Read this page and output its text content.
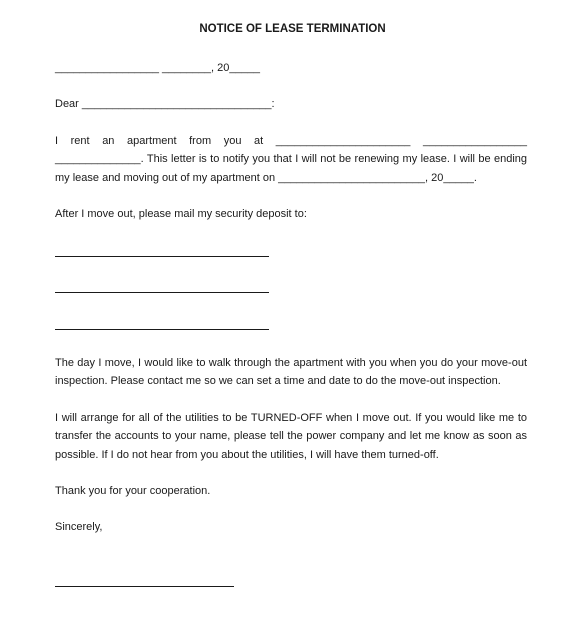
NOTICE OF LEASE TERMINATION
_________________ ________, 20_____
Dear _______________________________:
I rent an apartment from you at ______________________ _________________
______________. This letter is to notify you that I will not be renewing my lease. I will be ending
my lease and moving out of my apartment on ________________________, 20_____.
After I move out, please mail my security deposit to:
The day I move, I would like to walk through the apartment with you when you do your move-out
inspection. Please contact me so we can set a time and date to do the move-out inspection.
I will arrange for all of the utilities to be TURNED-OFF when I move out. If you would like me to
transfer the accounts to your name, please tell the power company and let me know as soon as
possible. If I do not hear from you about the utilities, I will have them turned-off.
Thank you for your cooperation.
Sincerely,
